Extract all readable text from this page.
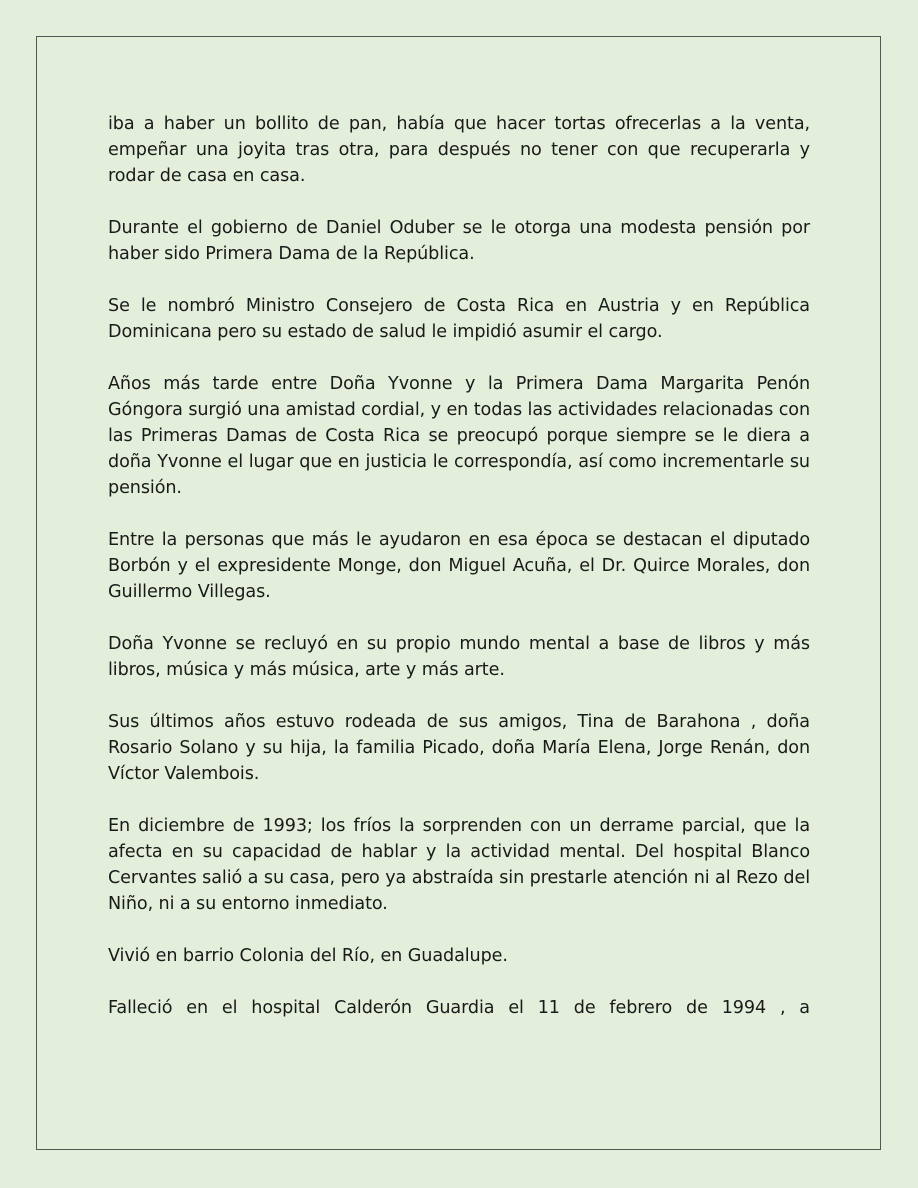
iba a haber un bollito de pan, había que hacer tortas ofrecerlas a la venta, empeñar una joyita tras otra, para después no tener con que recuperarla y rodar de casa en casa.

Durante el gobierno de Daniel Oduber se le otorga una modesta pensión por haber sido Primera Dama de la República.

Se le nombró Ministro Consejero de Costa Rica en Austria y en República Dominicana pero su estado de salud le impidió asumir el cargo.

Años más tarde entre Doña Yvonne y la Primera Dama Margarita Penón Góngora surgió una amistad cordial, y en todas las actividades relacionadas con las Primeras Damas de Costa Rica se preocupó porque siempre se le diera a doña Yvonne el lugar que en justicia le correspondía, así como incrementarle su pensión.

Entre la personas que más le ayudaron en esa época se destacan el diputado Borbón y el expresidente Monge, don Miguel Acuña, el Dr. Quirce Morales, don Guillermo Villegas.

Doña Yvonne se recluyó en su propio mundo mental a base de libros y más libros, música y más música, arte y más arte.

Sus últimos años estuvo rodeada de sus amigos, Tina de Barahona , doña Rosario Solano y su hija, la familia Picado, doña María Elena, Jorge Renán, don Víctor Valembois.

En diciembre de 1993; los fríos la sorprenden con un derrame parcial, que la afecta en su capacidad de hablar y la actividad mental. Del hospital Blanco Cervantes salió a su casa, pero ya abstraída sin prestarle atención ni al Rezo del Niño, ni a su entorno inmediato.

Vivió en barrio Colonia del Río, en Guadalupe.

Falleció en el hospital Calderón Guardia el 11 de febrero de 1994 , a
